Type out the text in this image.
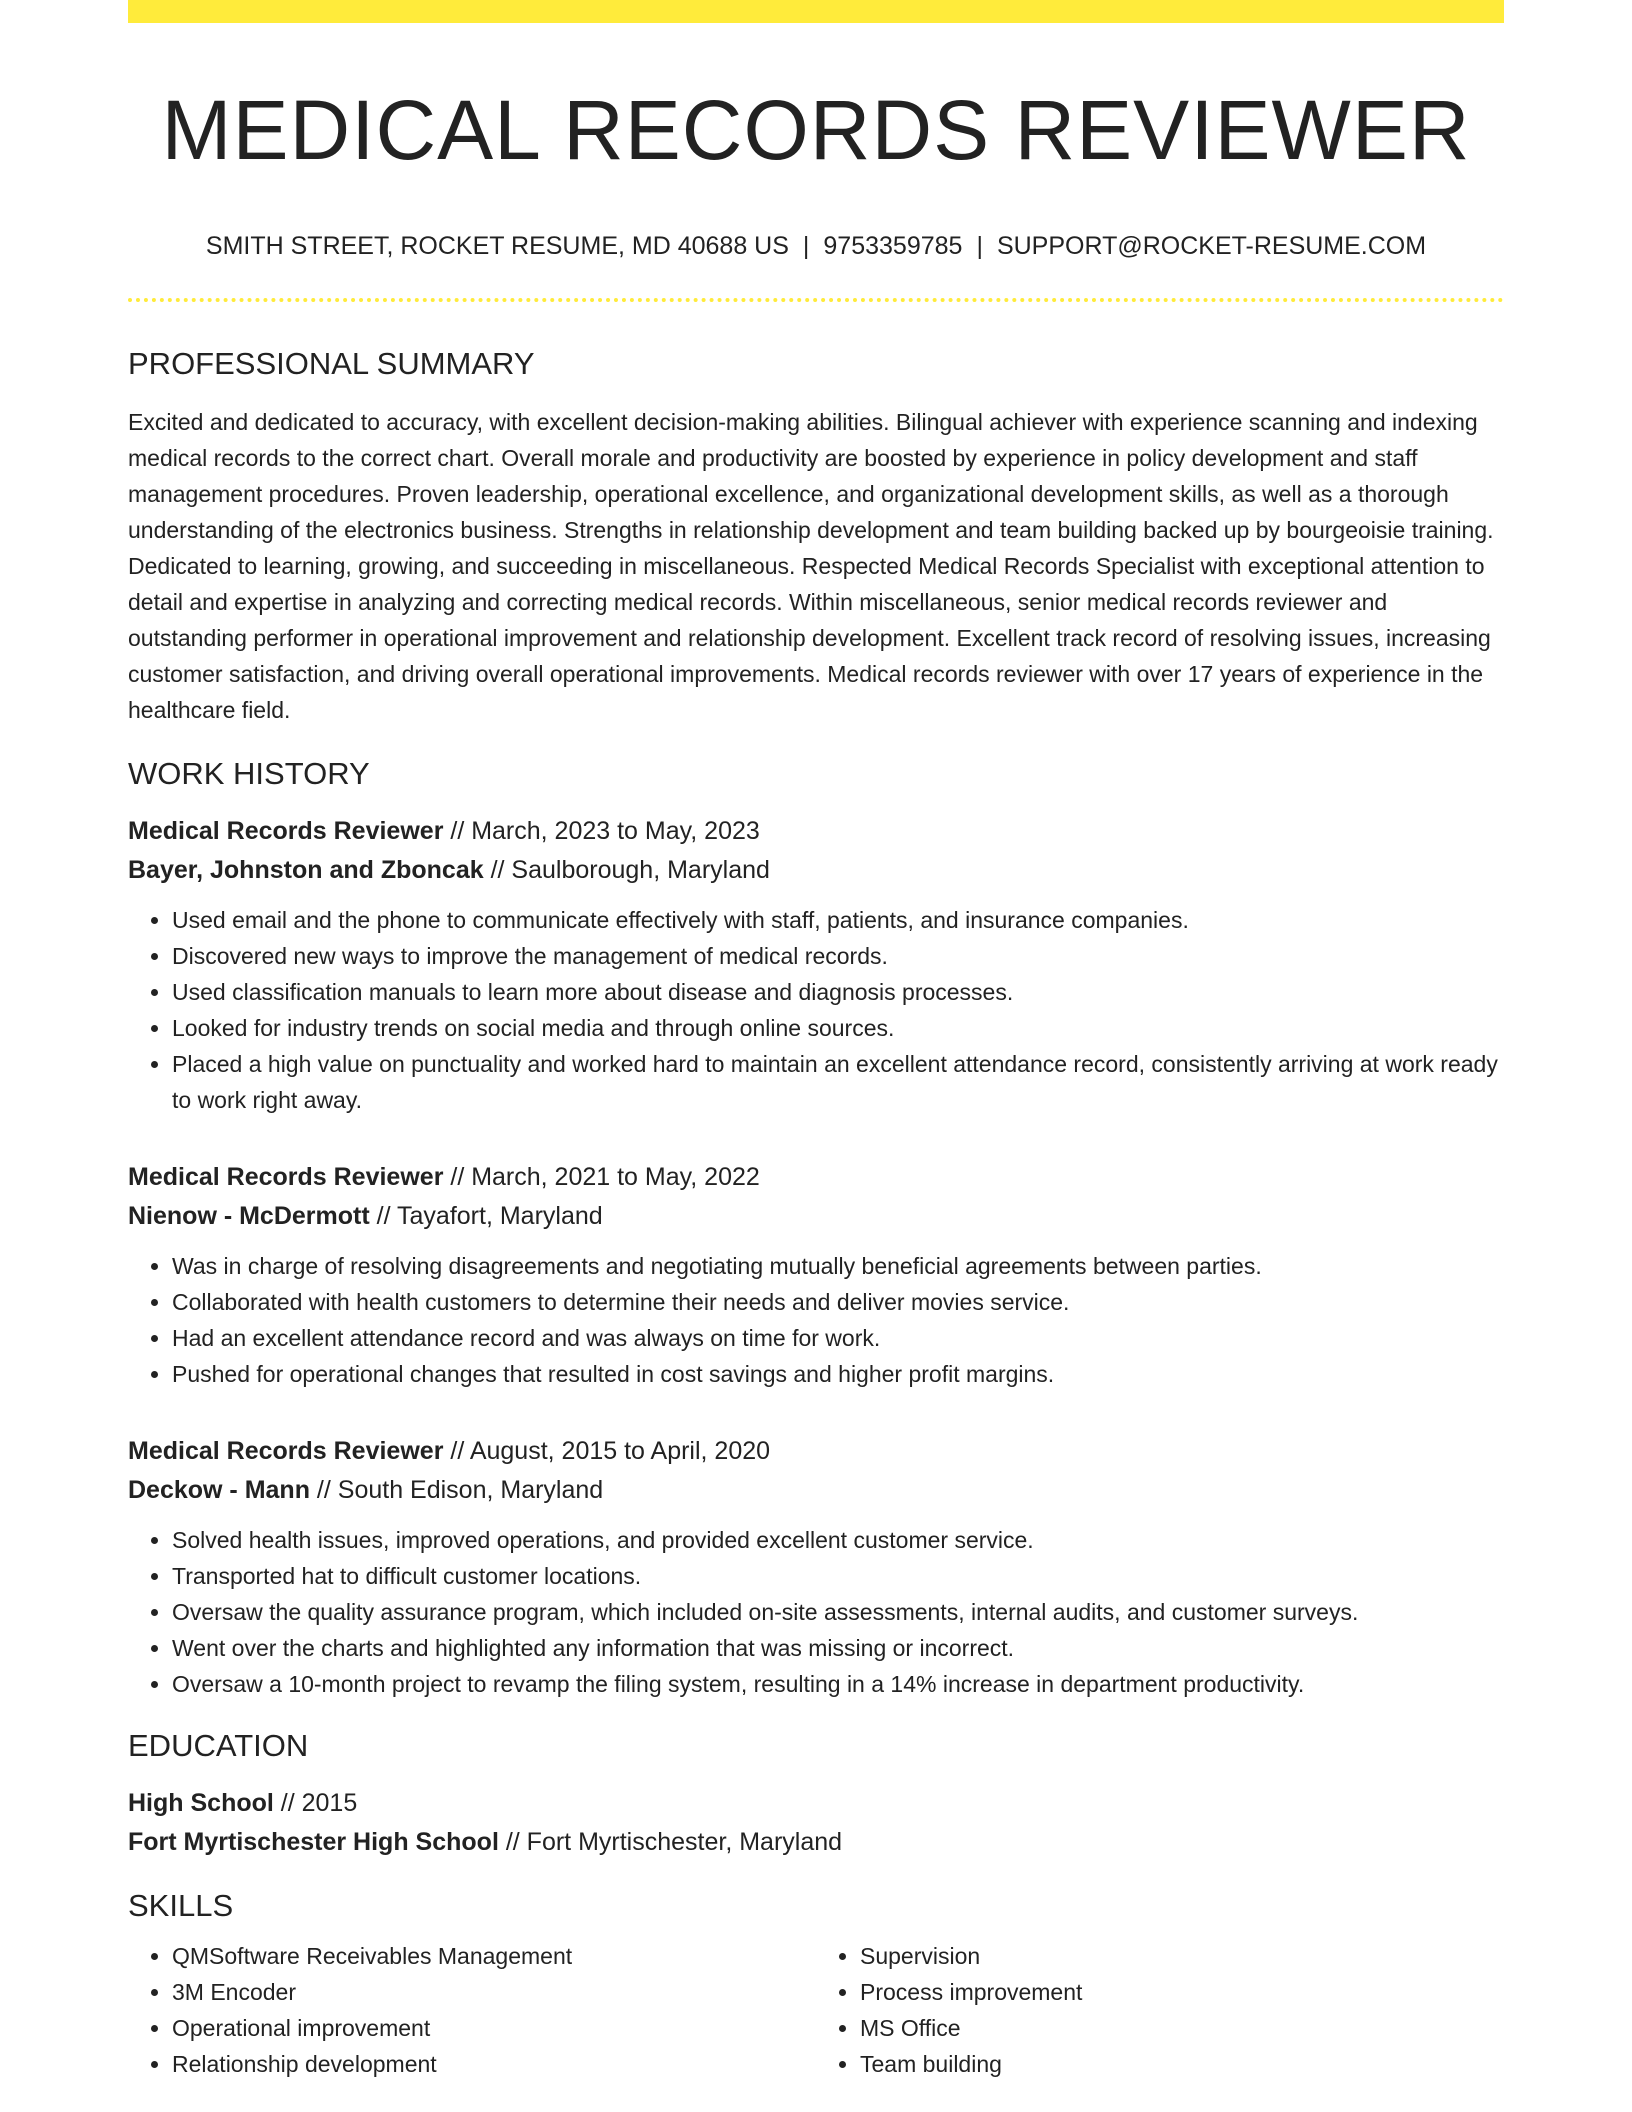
MEDICAL RECORDS REVIEWER
SMITH STREET, ROCKET RESUME, MD 40688 US | 9753359785 | SUPPORT@ROCKET-RESUME.COM
PROFESSIONAL SUMMARY

Excited and dedicated to accuracy, with excellent decision-making abilities. Bilingual achiever with experience scanning and indexing medical records to the correct chart. Overall morale and productivity are boosted by experience in policy development and staff management procedures. Proven leadership, operational excellence, and organizational development skills, as well as a thorough understanding of the electronics business. Strengths in relationship development and team building backed up by bourgeoisie training. Dedicated to learning, growing, and succeeding in miscellaneous. Respected Medical Records Specialist with exceptional attention to detail and expertise in analyzing and correcting medical records. Within miscellaneous, senior medical records reviewer and outstanding performer in operational improvement and relationship development. Excellent track record of resolving issues, increasing customer satisfaction, and driving overall operational improvements. Medical records reviewer with over 17 years of experience in the healthcare field.

WORK HISTORY
Medical Records Reviewer // March, 2023 to May, 2023
Bayer, Johnston and Zboncak // Saulborough, Maryland
• Used email and the phone to communicate effectively with staff, patients, and insurance companies.
• Discovered new ways to improve the management of medical records.
• Used classification manuals to learn more about disease and diagnosis processes.
• Looked for industry trends on social media and through online sources.
• Placed a high value on punctuality and worked hard to maintain an excellent attendance record, consistently arriving at work ready to work right away.
Medical Records Reviewer // March, 2021 to May, 2022
Nienow - McDermott // Tayafort, Maryland
• Was in charge of resolving disagreements and negotiating mutually beneficial agreements between parties.
• Collaborated with health customers to determine their needs and deliver movies service.
• Had an excellent attendance record and was always on time for work.
• Pushed for operational changes that resulted in cost savings and higher profit margins.
Medical Records Reviewer // August, 2015 to April, 2020
Deckow - Mann // South Edison, Maryland
• Solved health issues, improved operations, and provided excellent customer service.
• Transported hat to difficult customer locations.
• Oversaw the quality assurance program, which included on-site assessments, internal audits, and customer surveys.
• Went over the charts and highlighted any information that was missing or incorrect.
• Oversaw a 10-month project to revamp the filing system, resulting in a 14% increase in department productivity.
EDUCATION
High School // 2015
Fort Myrtischester High School // Fort Myrtischester, Maryland
SKILLS
• QMSoftware Receivables Management
• 3M Encoder
• Operational improvement
• Relationship development
• Supervision
• Process improvement
• MS Office
• Team building
